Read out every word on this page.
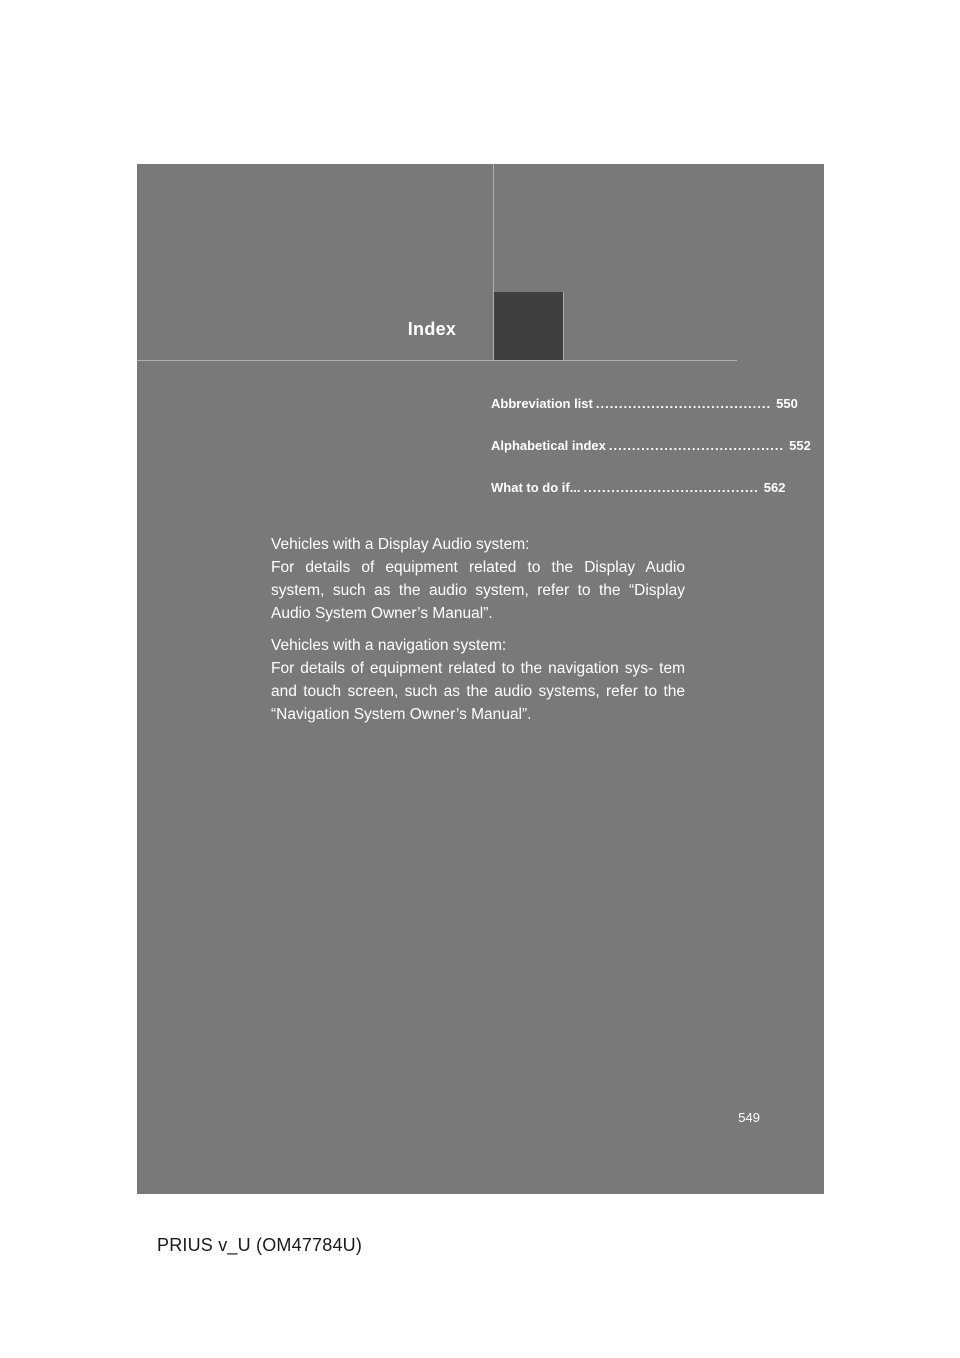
Index
Abbreviation list ...................................... 550
Alphabetical index ...................................... 552
What to do if... ...................................... 562

Vehicles with a Display Audio system:
For details of equipment related to the Display Audio system, such as the audio system, refer to the “Display Audio System Owner’s Manual”.

Vehicles with a navigation system:
For details of equipment related to the navigation sys- tem and touch screen, such as the audio systems, refer to the “Navigation System Owner’s Manual”.

549
PRIUS v_U (OM47784U)
